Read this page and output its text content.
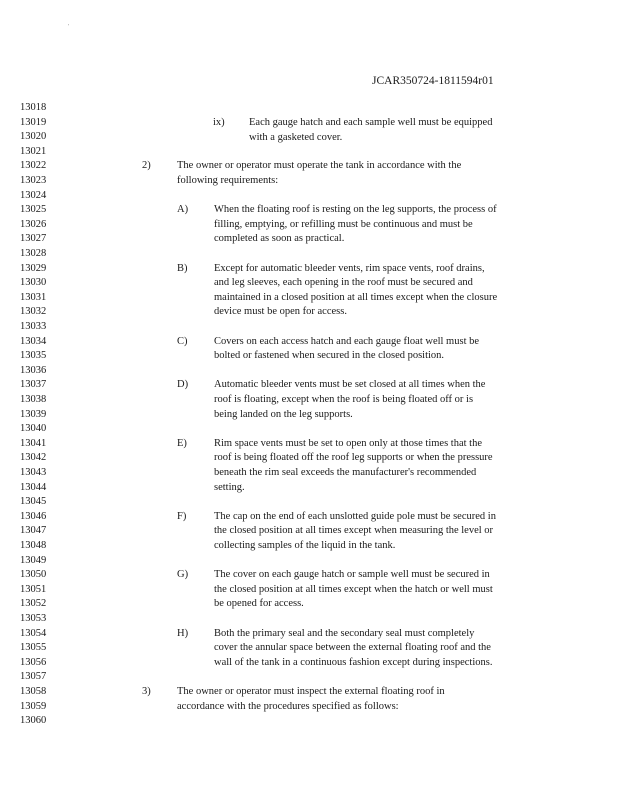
'
JCAR350724-1811594r01
13018
13019
13020
13021
13022
13023
13024
13025
13026
13027
13028
13029
13030
13031
13032
13033
13034
13035
13036
13037
13038
13039
13040
13041
13042
13043
13044
13045
13046
13047
13048
13049
13050
13051
13052
13053
13054
13055
13056
13057
13058
13059
13060
ix) Each gauge hatch and each sample well must be equipped
with a gasketed cover.
2)	The owner or operator must operate the tank in accordance with the
following requirements:
A) When the floating roof is resting on the leg supports, the process of
filling, emptying, or refilling must be continuous and must be
completed as soon as practical.
B)	Except for automatic bleeder vents, rim space vents, roof drains,
and leg sleeves, each opening in the roof must be secured and
maintained in a closed position at all times except when the closure
device must be open for access.
C)	Covers on each access hatch and each gauge float well must be
bolted or fastened when secured in the closed position.
D) Automatic bleeder vents must be set closed at all times when the
roof is floating, except when the roof is being floated off or is
being landed on the leg supports.
E)	Rim space vents must be set to open only at those times that the
roof is being floated off the roof leg supports or when the pressure
beneath the rim seal exceeds the manufacturer's recommended
setting.
F)	The cap on the end of each unslotted guide pole must be secured in
the closed position at all times except when measuring the level or
collecting samples of the liquid in the tank.
G) The cover on each gauge hatch or sample well must be secured in
the closed position at all times except when the hatch or well must
be opened for access.
H) Both the primary seal and the secondary seal must completely
cover the annular space between the external floating roof and the
wall of the tank in a continuous fashion except during inspections.
3)	The owner or operator must inspect the external floating roof in
accordance with the procedures specified as follows:
